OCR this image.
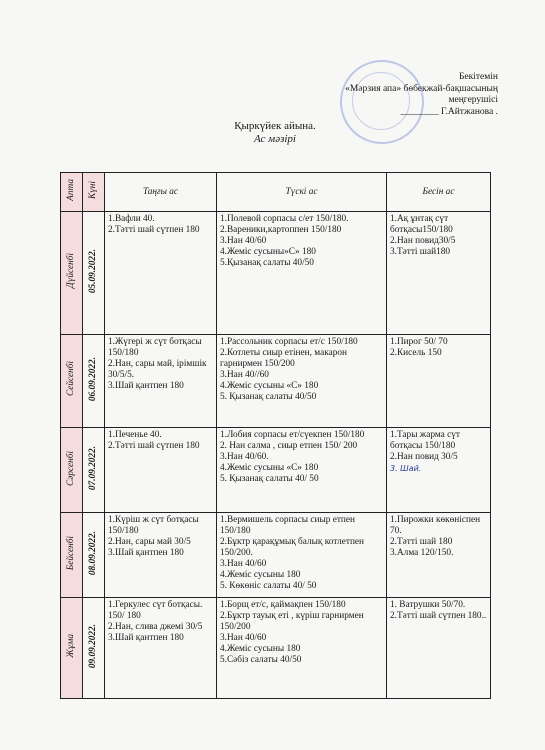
Бекітемін
«Мәрзия апа» бөбекжай-бақшасының
меңгерушісі
________ Г.Айтжанова .
Қыркүйек айына.
Ас мәзірі
Апта	Күні	Таңғы ас	Түскі ас	Бесін ас
Дүйсенбі	05.09.2022.	1.Вафли 40.
2.Тәтті шай сүтпен 180	1.Полевой сорпасы с/ет 150/180.
2.Вареники,картоппен 150/180
3.Нан 40/60
4.Жеміс сусыны»С» 180
5.Қызанақ салаты 40/50	1.Ақ ұнтақ сүт ботқасы150/180
2.Нан повид30/5
3.Тәтті шай180

Сейсенбі	06.09.2022.	1.Жүгері ж сүт ботқасы 150/180
2.Нан, сары май, ірімшік 30/5/5.
3.Шай қантпен 180	1.Рассольник сорпасы ет/с 150/180
2.Котлеты сиыр етінен, макарон гарнирмен 150/200
3.Нан 40//60
4.Жеміс сусыны «С» 180
5. Қызанақ салаты 40/50	1.Пирог 50/ 70
2.Кисель 150

Сәрсенбі	07.09.2022.	1.Печенье 40.
2.Тәтті шай сүтпен 180	1.Лобия сорпасы ет/сүекпен 150/180
2. Нан салма , сиыр етпен 150/ 200
3.Нан 40/60.
4.Жеміс сусыны «С» 180
5. Қызанақ салаты 40/ 50	1.Тары жарма сүт ботқасы 150/180
2.Нан повид 30/5
3. Шай.

Бейсенбі	08.09.2022.	1.Күріш ж сүт ботқасы 150/180
2.Нан, сары май 30/5
3.Шай қантпен 180	1.Вермишель сорпасы сиыр етпен 150/180
2.Бұктр қарақұмық балық котлетпен 150/200.
3.Нан 40/60
4.Жеміс сусыны 180
5. Көкөніс салаты 40/ 50	1.Пирожки көкөніспен 70.
2.Тәтті шай 180
3.Алма 120/150.

Жұма	09.09.2022.	1.Геркулес сүт ботқасы. 150/ 180
2.Нан, слива джемі 30/5
3.Шай қантпен 180	1.Борщ ет/с, қаймақпен 150/180
2.Бұктр тауық еті , күріш гарнирмен 150/200
3.Нан 40/60
4.Жеміс сусыны 180
5.Сәбіз салаты 40/50	1. Ватрушки 50/70.
2.Тәтті шай сүтпен 180..
